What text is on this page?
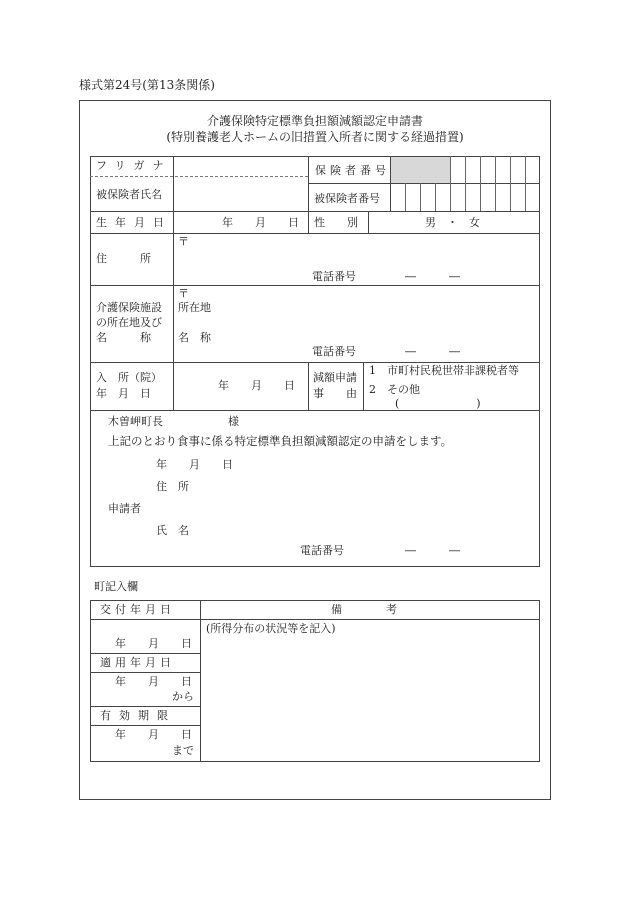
様式第24号(第13条関係)
介護保険特定標準負担額減額認定申請書
(特別養護老人ホームの旧措置入所者に関する経過措置)
フリガナ
被保険者氏名
保険者番号
被保険者番号
生年月日	年　　月　　日 性　　別	男　・　女
住　　　所
〒
電話番号	―　　　―
介護保険施設
の所在地及び
名　　　称
〒
所在地
名　称
電話番号	―　　　―
入　所（院）
年　月　日
年　　月　　日
減額申請
事　　由
1　市町村民税世帯非課税者等
2　その他
(　　　　　　　)
木曽岬町長	様
上記のとおり食事に係る特定標準負担額減額認定の申請をします。
年　　月　　日
住　所
申請者
氏　名
電話番号	―　　　―
町記入欄
交付年月日	備　　　　考
(所得分布の状況等を記入)
年　　月　　日
適用年月日
年　　月　　日
から
有効期限
年　　月　　日
まで
